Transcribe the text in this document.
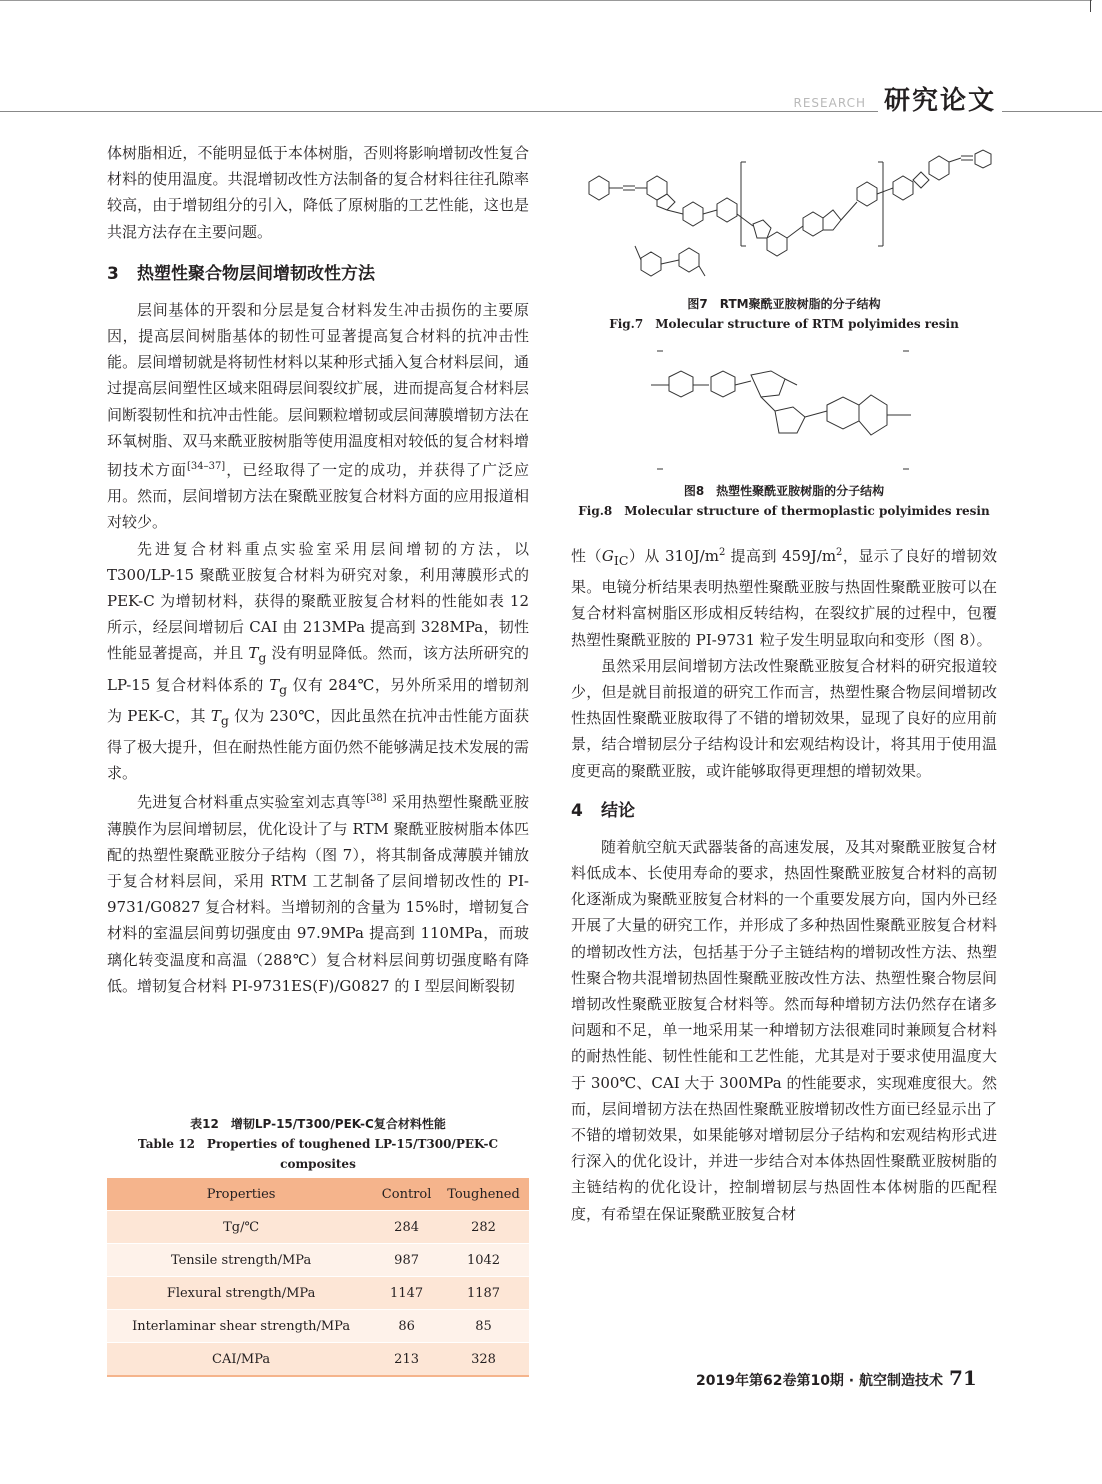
RESEARCH 研究论文

体树脂相近，不能明显低于本体树脂，否则将影响增韧改性复合材料的使用温度。共混增韧改性方法制备的复合材料往往孔隙率较高，由于增韧组分的引入，降低了原树脂的工艺性能，这也是共混方法存在主要问题。

3 热塑性聚合物层间增韧改性方法

层间基体的开裂和分层是复合材料发生冲击损伤的主要原因，提高层间树脂基体的韧性可显著提高复合材料的抗冲击性能。层间增韧就是将韧性材料以某种形式插入复合材料层间，通过提高层间塑性区域来阻碍层间裂纹扩展，进而提高复合材料层间断裂韧性和抗冲击性能。层间颗粒增韧或层间薄膜增韧方法在环氧树脂、双马来酰亚胺树脂等使用温度相对较低的复合材料增韧技术方面[34–37]，已经取得了一定的成功，并获得了广泛应用。然而，层间增韧方法在聚酰亚胺复合材料方面的应用报道相对较少。

先进复合材料重点实验室采用层间增韧的方法，以 T300/LP-15 聚酰亚胺复合材料为研究对象，利用薄膜形式的 PEK-C 为增韧材料，获得的聚酰亚胺复合材料的性能如表 12 所示，经层间增韧后 CAI 由 213MPa 提高到 328MPa，韧性性能显著提高，并且 $T_g$ 没有明显降低。然而，该方法所研究的 LP-15 复合材料体系的 $T_g$ 仅有 284℃，另外所采用的增韧剂为 PEK-C，其 $T_g$ 仅为 230℃，因此虽然在抗冲击性能方面获得了极大提升，但在耐热性能方面仍然不能够满足技术发展的需求。

先进复合材料重点实验室刘志真等[38] 采用热塑性聚酰亚胺薄膜作为层间增韧层，优化设计了与 RTM 聚酰亚胺树脂本体匹配的热塑性聚酰亚胺分子结构（图 7），将其制备成薄膜并铺放于复合材料层间，采用 RTM 工艺制备了层间增韧改性的 PI-9731/G0827 复合材料。当增韧剂的含量为 15%时，增韧复合材料的室温层间剪切强度由 97.9MPa 提高到 110MPa，而玻璃化转变温度和高温（288℃）复合材料层间剪切强度略有降低。增韧复合材料 PI-9731ES(F)/G0827 的 I 型层间断裂韧

表12　增韧LP-15/T300/PEK-C复合材料性能
Table 12　Properties of toughened LP-15/T300/PEK-C composites
Properties	Control	Toughened
Tg/℃	284	282
Tensile strength/MPa	987	1042
Flexural strength/MPa	1147	1187
Interlaminar shear strength/MPa	86	85
CAI/MPa	213	328
图7　RTM聚酰亚胺树脂的分子结构
Fig.7　Molecular structure of RTM polyimides resin
图8　热塑性聚酰亚胺树脂的分子结构
Fig.8　Molecular structure of thermoplastic polyimides resin

性$(G_{IC})$从 $310J/m^2$ 提高到 $459J/m^2$，显示了良好的增韧效果。电镜分析结果表明热塑性聚酰亚胺与热固性聚酰亚胺可以在复合材料富树脂区形成相反转结构，在裂纹扩展的过程中，包覆热塑性聚酰亚胺的 PI-9731 粒子发生明显取向和变形（图 8）。

虽然采用层间增韧方法改性聚酰亚胺复合材料的研究报道较少，但是就目前报道的研究工作而言，热塑性聚合物层间增韧改性热固性聚酰亚胺取得了不错的增韧效果，显现了良好的应用前景，结合增韧层分子结构设计和宏观结构设计，将其用于使用温度更高的聚酰亚胺，或许能够取得更理想的增韧效果。

4 结论

随着航空航天武器装备的高速发展，及其对聚酰亚胺复合材料低成本、长使用寿命的要求，热固性聚酰亚胺复合材料的高韧化逐渐成为聚酰亚胺复合材料的一个重要发展方向，国内外已经开展了大量的研究工作，并形成了多种热固性聚酰亚胺复合材料的增韧改性方法，包括基于分子主链结构的增韧改性方法、热塑性聚合物共混增韧热固性聚酰亚胺改性方法、热塑性聚合物层间增韧改性聚酰亚胺复合材料等。然而每种增韧方法仍然存在诸多问题和不足，单一地采用某一种增韧方法很难同时兼顾复合材料的耐热性能、韧性性能和工艺性能，尤其是对于要求使用温度大于 300℃、CAI 大于 300MPa 的性能要求，实现难度很大。然而，层间增韧方法在热固性聚酰亚胺增韧改性方面已经显示出了不错的增韧效果，如果能够对增韧层分子结构和宏观结构形式进行深入的优化设计，并进一步结合对本体热固性聚酰亚胺树脂的主链结构的优化设计，控制增韧层与热固性本体树脂的匹配程度，有希望在保证聚酰亚胺复合材

2019年第62卷第10期 · 航空制造技术 71
